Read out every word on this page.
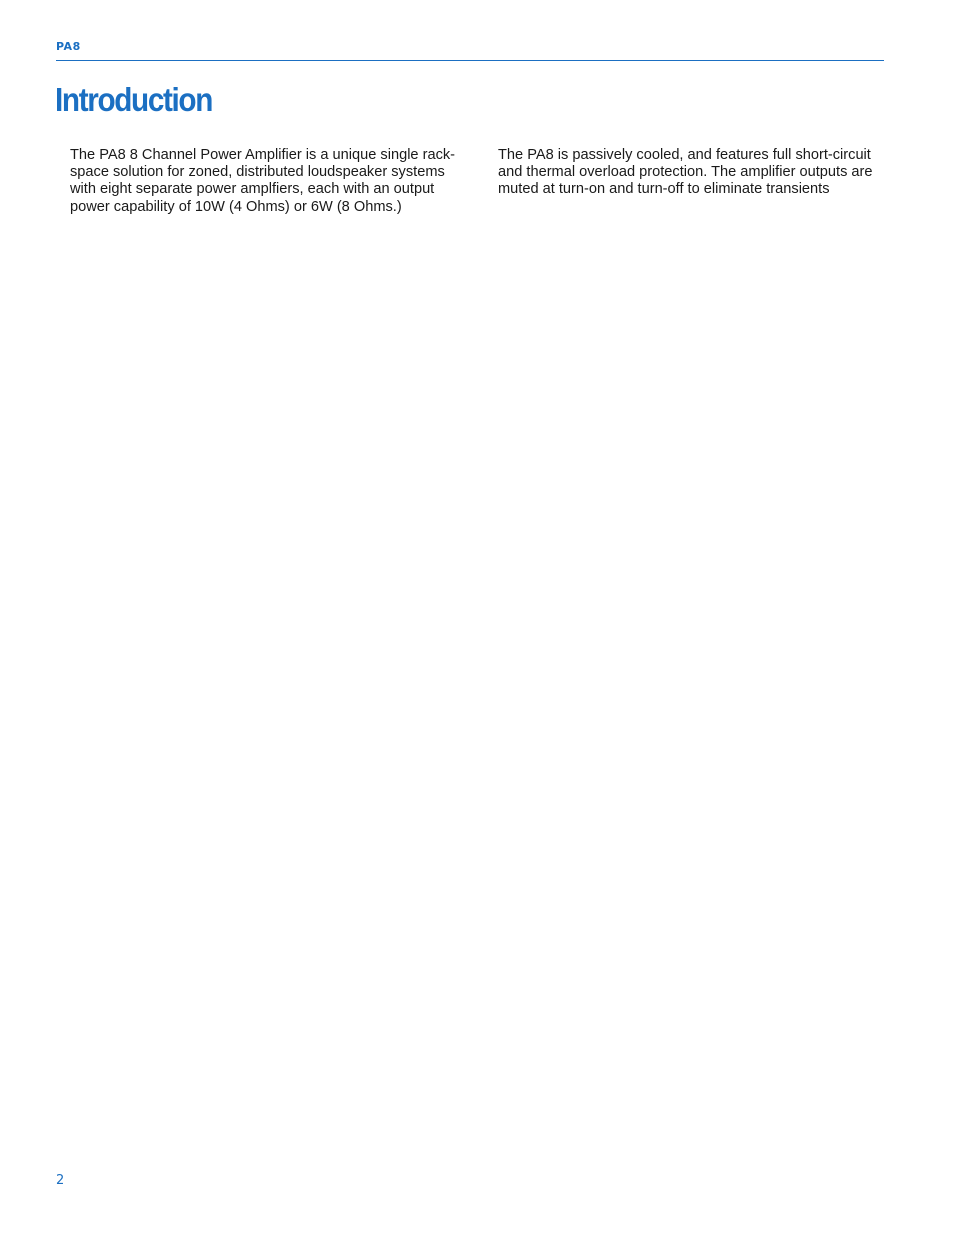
PA8
Introduction

The PA8 8 Channel Power Amplifier is a unique single rack-space solution for zoned, distributed loudspeaker systems with eight separate power amplfiers, each with an output power capability of 10W (4 Ohms) or 6W (8 Ohms.)

The PA8 is passively cooled, and features full short-circuit and thermal overload protection. The amplifier outputs are muted at turn-on and turn-off to eliminate transients

2
